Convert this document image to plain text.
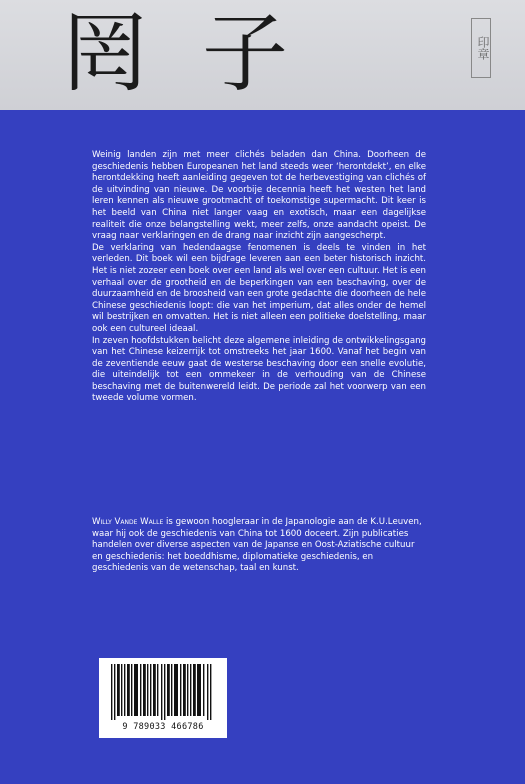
罔子	印章

Weinig landen zijn met meer clichés beladen dan China. Doorheen de geschiedenis hebben Europeanen het land steeds weer ‘herontdekt’, en elke herontdekking heeft aanleiding gegeven tot de herbevestiging van clichés of de uitvinding van nieuwe. De voorbije decennia heeft het westen het land leren kennen als nieuwe grootmacht of toekomstige supermacht. Dit keer is het beeld van China niet langer vaag en exotisch, maar een dagelijkse realiteit die onze belangstelling wekt, meer zelfs, onze aandacht opeist. De vraag naar verklaringen en de drang naar inzicht zijn aangescherpt.

De verklaring van hedendaagse fenomenen is deels te vinden in het verleden. Dit boek wil een bijdrage leveren aan een beter historisch inzicht. Het is niet zozeer een boek over een land als wel over een cultuur. Het is een verhaal over de grootheid en de beperkingen van een beschaving, over de duurzaamheid en de broosheid van een grote gedachte die doorheen de hele Chinese geschiedenis loopt: die van het imperium, dat alles onder de hemel wil bestrijken en omvatten. Het is niet alleen een politieke doelstelling, maar ook een cultureel ideaal.

In zeven hoofdstukken belicht deze algemene inleiding de ontwikkelingsgang van het Chinese keizerrijk tot omstreeks het jaar 1600. Vanaf het begin van de zeventiende eeuw gaat de westerse beschaving door een snelle evolutie, die uiteindelijk tot een ommekeer in de verhouding van de Chinese beschaving met de buitenwereld leidt. De periode zal het voorwerp van een tweede volume vormen.

Willy Vande Walle is gewoon hoogleraar in de Japanologie aan de K.U.Leuven, waar hij ook de geschiedenis van China tot 1600 doceert. Zijn publicaties handelen over diverse aspecten van de Japanse en Oost-Aziatische cultuur en geschiedenis: het boeddhisme, diplomatieke geschiedenis, en geschiedenis van de wetenschap, taal en kunst.

9 789033 466786
